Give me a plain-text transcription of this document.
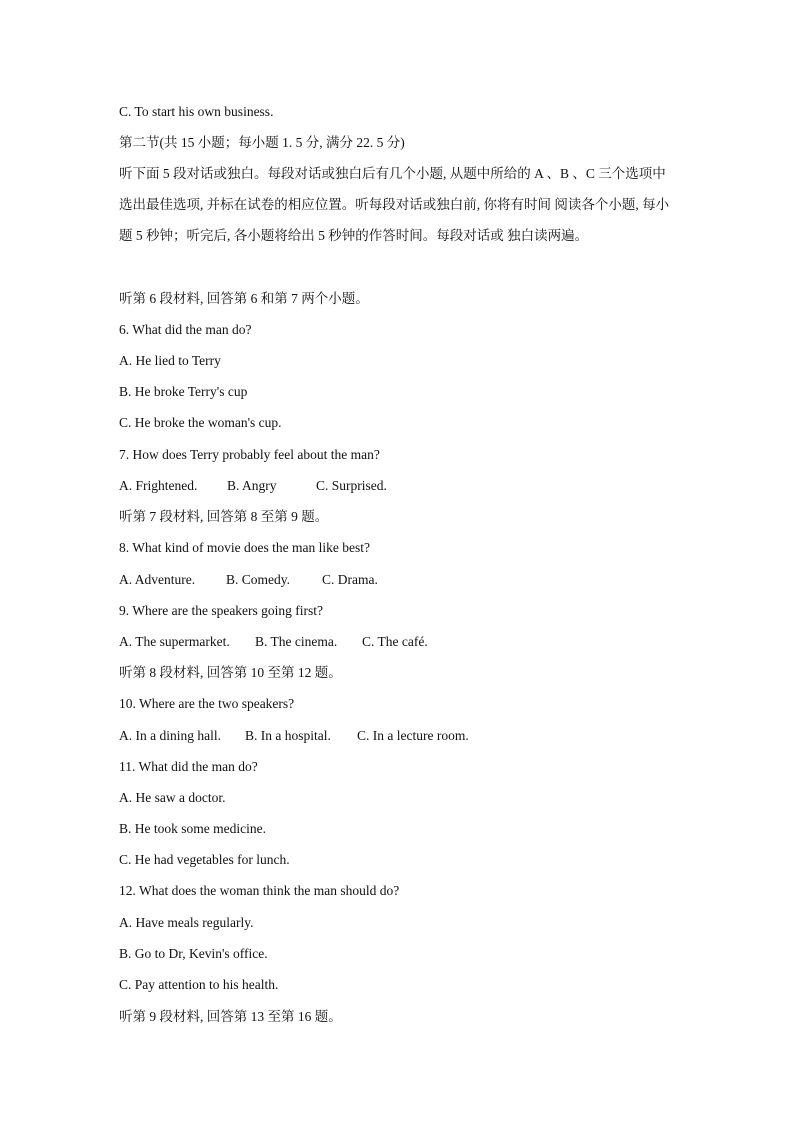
C. To start his own business.
第二节(共 15 小题；每小题 1. 5 分, 满分 22. 5 分)
听下面 5 段对话或独白。每段对话或独白后有几个小题, 从题中所给的 A 、B 、C 三个选项中选出最佳选项, 并标在试卷的相应位置。听每段对话或独白前, 你将有时间 阅读各个小题, 每小题 5 秒钟；听完后, 各小题将给出 5 秒钟的作答时间。每段对话或 独白读两遍。
听第 6 段材料, 回答第 6 和第 7 两个小题。
6. What did the man do?
A. He lied to Terry
B. He broke Terry's cup
C. He broke the woman's cup.
7. How does Terry probably feel about the man?
A. Frightened. B. Angry	C. Surprised.
听第 7 段材料, 回答第 8 至第 9 题。
8. What kind of movie does the man like best?
A. Adventure. B. Comedy. C. Drama.
9. Where are the speakers going first?
A. The supermarket. B. The cinema. C. The café.
听第 8 段材料, 回答第 10 至第 12 题。
10. Where are the two speakers?
A. In a dining hall. B. In a hospital. C. In a lecture room.
11. What did the man do?
A. He saw a doctor.
B. He took some medicine.
C. He had vegetables for lunch.
12. What does the woman think the man should do?
A. Have meals regularly.
B. Go to Dr, Kevin's office.
C. Pay attention to his health.
听第 9 段材料, 回答第 13 至第 16 题。
